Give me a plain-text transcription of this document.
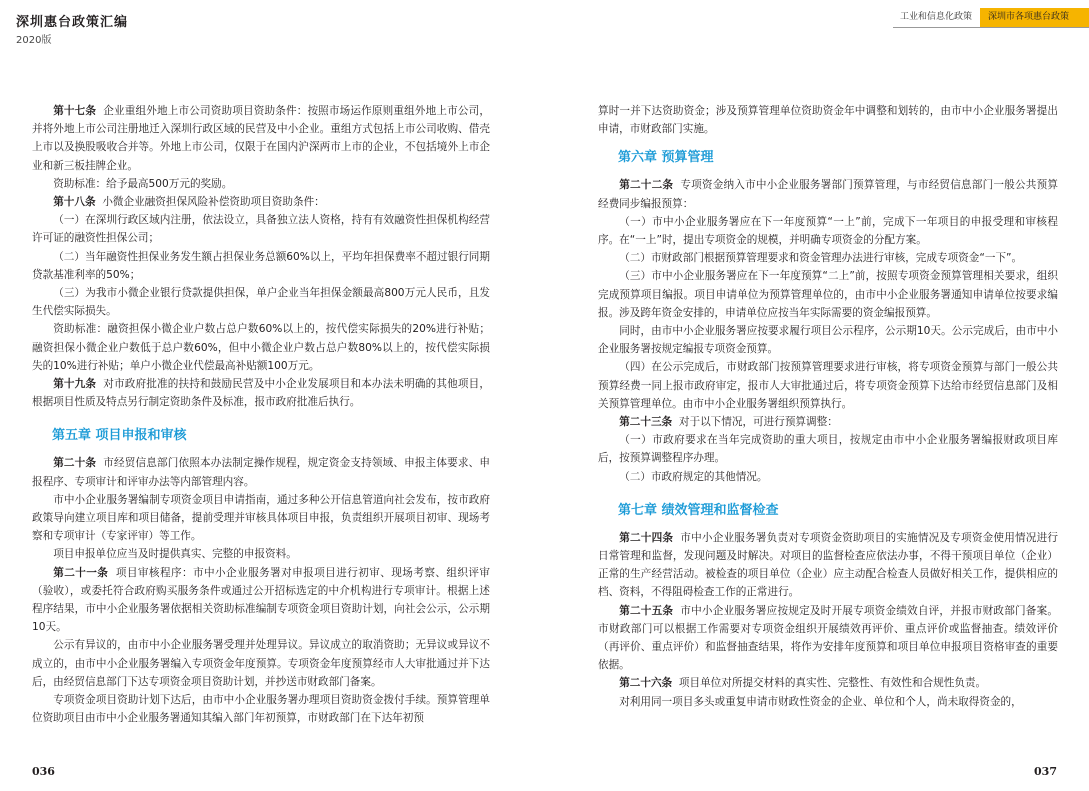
深圳惠台政策汇编
2020版
工业和信息化政策	深圳市各项惠台政策

第十七条 企业重组外地上市公司资助项目资助条件：按照市场运作原则重组外地上市公司，并将外地上市公司注册地迁入深圳行政区域的民营及中小企业。重组方式包括上市公司收购、借壳上市以及换股吸收合并等。外地上市公司，仅限于在国内沪深两市上市的企业，不包括境外上市企业和新三板挂牌企业。

资助标准：给予最高500万元的奖励。

第十八条 小微企业融资担保风险补偿资助项目资助条件：

（一）在深圳行政区域内注册，依法设立，具备独立法人资格，持有有效融资性担保机构经营许可证的融资性担保公司；

（二）当年融资性担保业务发生额占担保业务总额60%以上，平均年担保费率不超过银行同期贷款基准利率的50%；

（三）为我市小微企业银行贷款提供担保，单户企业当年担保金额最高800万元人民币，且发生代偿实际损失。

资助标准：融资担保小微企业户数占总户数60%以上的，按代偿实际损失的20%进行补贴；融资担保小微企业户数低于总户数60%，但中小微企业户数占总户数80%以上的，按代偿实际损失的10%进行补贴；单户小微企业代偿最高补贴额100万元。

第十九条 对市政府批准的扶持和鼓励民营及中小企业发展项目和本办法未明确的其他项目，根据项目性质及特点另行制定资助条件及标准，报市政府批准后执行。

第五章 项目申报和审核

第二十条 市经贸信息部门依照本办法制定操作规程，规定资金支持领域、申报主体要求、申报程序、专项审计和评审办法等内部管理内容。

市中小企业服务署编制专项资金项目申请指南，通过多种公开信息管道向社会发布，按市政府政策导向建立项目库和项目储备，提前受理并审核具体项目申报，负责组织开展项目初审、现场考察和专项审计（专家评审）等工作。

项目申报单位应当及时提供真实、完整的申报资料。

第二十一条 项目审核程序：市中小企业服务署对申报项目进行初审、现场考察、组织评审（验收），或委托符合政府购买服务条件或通过公开招标选定的中介机构进行专项审计。根据上述程序结果，市中小企业服务署依据相关资助标准编制专项资金项目资助计划，向社会公示，公示期10天。

公示有异议的，由市中小企业服务署受理并处理异议。异议成立的取消资助；无异议或异议不成立的，由市中小企业服务署编入专项资金年度预算。专项资金年度预算经市人大审批通过并下达后，由经贸信息部门下达专项资金项目资助计划，并抄送市财政部门备案。

专项资金项目资助计划下达后，由市中小企业服务署办理项目资助资金拨付手续。预算管理单位资助项目由市中小企业服务署通知其编入部门年初预算，市财政部门在下达年初预

算时一并下达资助资金；涉及预算管理单位资助资金年中调整和划转的，由市中小企业服务署提出申请，市财政部门实施。

第六章 预算管理

第二十二条 专项资金纳入市中小企业服务署部门预算管理，与市经贸信息部门一般公共预算经费同步编报预算：

（一）市中小企业服务署应在下一年度预算“一上”前，完成下一年项目的申报受理和审核程序。在“一上”时，提出专项资金的规模，并明确专项资金的分配方案。

（二）市财政部门根据预算管理要求和资金管理办法进行审核，完成专项资金“一下”。

（三）市中小企业服务署应在下一年度预算“二上”前，按照专项资金预算管理相关要求，组织完成预算项目编报。项目申请单位为预算管理单位的，由市中小企业服务署通知申请单位按要求编报。涉及跨年资金安排的，申请单位应按当年实际需要的资金编报预算。

同时，由市中小企业服务署应按要求履行项目公示程序，公示期10天。公示完成后，由市中小企业服务署按规定编报专项资金预算。

（四）在公示完成后，市财政部门按预算管理要求进行审核，将专项资金预算与部门一般公共预算经费一同上报市政府审定，报市人大审批通过后，将专项资金预算下达给市经贸信息部门及相关预算管理单位。由市中小企业服务署组织预算执行。

第二十三条 对于以下情况，可进行预算调整：

（一）市政府要求在当年完成资助的重大项目，按规定由市中小企业服务署编报财政项目库后，按预算调整程序办理。

（二）市政府规定的其他情况。

第七章 绩效管理和监督检查

第二十四条 市中小企业服务署负责对专项资金资助项目的实施情况及专项资金使用情况进行日常管理和监督，发现问题及时解决。对项目的监督检查应依法办事，不得干预项目单位（企业）正常的生产经营活动。被检查的项目单位（企业）应主动配合检查人员做好相关工作，提供相应的档、资料，不得阻碍检查工作的正常进行。

第二十五条 市中小企业服务署应按规定及时开展专项资金绩效自评，并报市财政部门备案。市财政部门可以根据工作需要对专项资金组织开展绩效再评价、重点评价或监督抽查。绩效评价（再评价、重点评价）和监督抽查结果，将作为安排年度预算和项目单位申报项目资格审查的重要依据。

第二十六条 项目单位对所提交材料的真实性、完整性、有效性和合规性负责。

对利用同一项目多头或重复申请市财政性资金的企业、单位和个人，尚未取得资金的，

036	037
